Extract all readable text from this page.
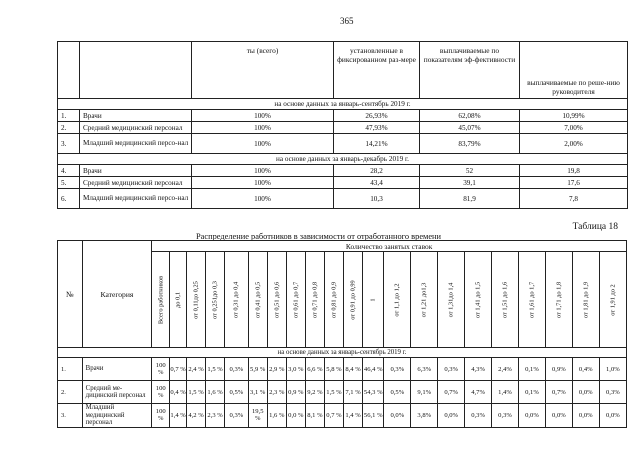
365
		ты (всего)	установленные в фиксированном раз-мере	выплачиваемые по показателям эф-фективности	выплачиваемые по реше-нию руководителя
на основе данных за январь-сентябрь 2019 г.					
1.	Врачи	100%	26,93%	62,08%	10,99%
2.	Средний медицинский персонал	100%	47,93%	45,07%	7,00%
3.	Младший медицинский персо-нал	100%	14,21%	83,79%	2,00%
на основе данных за январь-декабрь 2019 г.					
4.	Врачи	100%	28,2	52	19,8
5.	Средний медицинский персонал	100%	43,4	39,1	17,6
6.	Младший медицинский персо-нал	100%	10,3	81,9	7,8
Таблица 18
Распределение работников в зависимости от отработанного времени
№	Категория	Количество занятых ставок																				

		Всего работников	до 0,1	от 0,11до 0,25	от 0,251до 0,3	от 0,31 до 0,4	от 0,41 до 0,5	от 0,51 до 0,6	от 0,61 до 0,7	от 0,71 до 0,8	от 0,81 до 0,9	от 0,91 до 0,99	1	от 1,1 до 1,2	от 1,21 до1,3	от 1,31до 1,4	от 1,41 до 1,5	от 1,51 до 1,6	от 1,61 до 1,7	от 1,71 до 1,8	от 1,81 до 1,9	от 1,91 до 2

на основе данных за январь-сентябрь 2019 г.																						
1.	Врачи	100 %	0,7 %	2,4 %	1,5 %	0,3%	5,9 %	2,9 %	3,0 %	6,6 %	5,8 %	8,4 %	46,4 %	0,3%	6,3%	0,3%	4,3%	2,4%	0,1%	0,9%	0,4%	1,0%
2.	Средний ме-дицинский персонал	100 %	0,4 %	1,5 %	1,6 %	0,5%	3,1 %	2,3 %	0,9 %	9,2 %	1,5 %	7,1 %	54,3 %	0,5%	9,1%	0,7%	4,7%	1,4%	0,1%	0,7%	0,0%	0,3%
3.	Младший медицинский персонал	100 %	1,4 %	4,2 %	2,3 %	0,3%	19,5 %	1,6 %	0,0 %	8,1 %	0,7 %	1,4 %	56,1 %	0,0%	3,8%	0,0%	0,3%	0,3%	0,0%	0,0%	0,0%	0,0%
